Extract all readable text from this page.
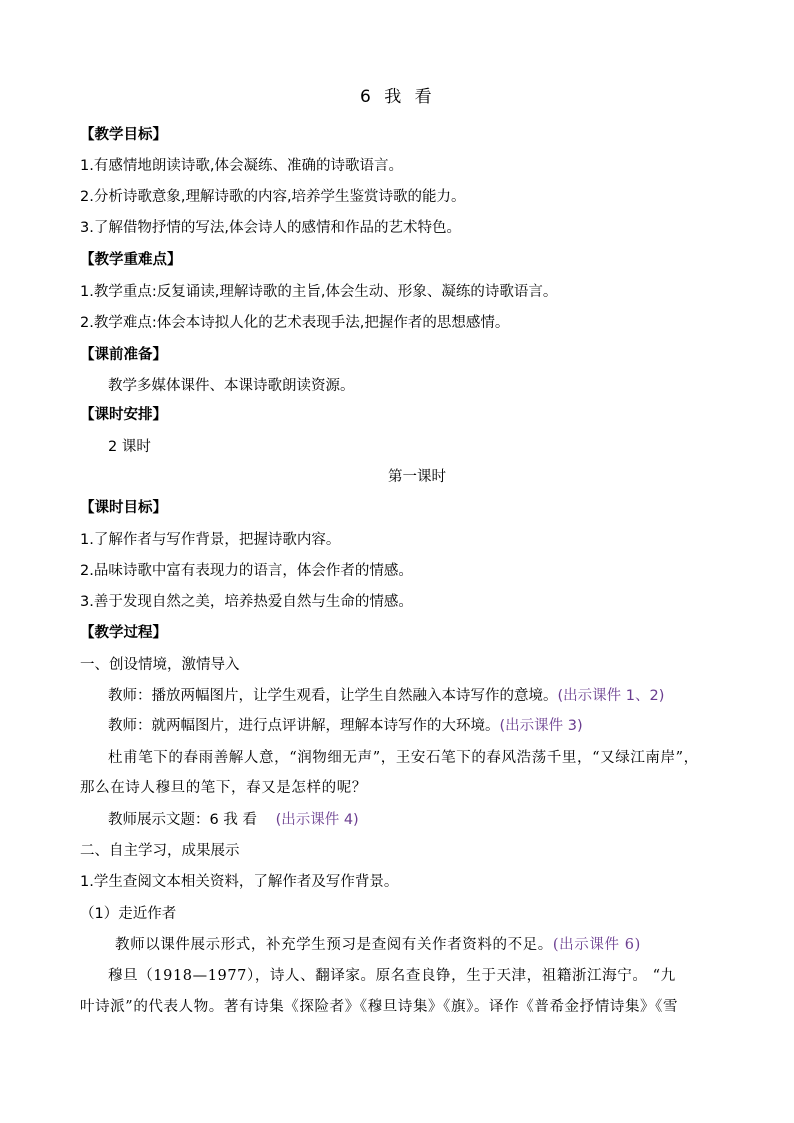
6 我 看
【教学目标】
1.有感情地朗读诗歌,体会凝练、准确的诗歌语言。
2.分析诗歌意象,理解诗歌的内容,培养学生鉴赏诗歌的能力。
3.了解借物抒情的写法,体会诗人的感情和作品的艺术特色。
【教学重难点】
1.教学重点:反复诵读,理解诗歌的主旨,体会生动、形象、凝练的诗歌语言。
2.教学难点:体会本诗拟人化的艺术表现手法,把握作者的思想感情。
【课前准备】
教学多媒体课件、本课诗歌朗读资源。
【课时安排】
2 课时
第一课时
【课时目标】
1.了解作者与写作背景，把握诗歌内容。
2.品味诗歌中富有表现力的语言，体会作者的情感。
3.善于发现自然之美，培养热爱自然与生命的情感。
【教学过程】
一、创设情境，激情导入
教师：播放两幅图片，让学生观看，让学生自然融入本诗写作的意境。(出示课件 1、2)
教师：就两幅图片，进行点评讲解，理解本诗写作的大环境。(出示课件 3)
杜甫笔下的春雨善解人意，“润物细无声”，王安石笔下的春风浩荡千里，“又绿江南岸”，
那么在诗人穆旦的笔下，春又是怎样的呢？
教师展示文题：6 我 看 (出示课件 4)
二、自主学习，成果展示
1.学生查阅文本相关资料，了解作者及写作背景。
（1）走近作者
教师以课件展示形式，补充学生预习是查阅有关作者资料的不足。(出示课件 6)
穆旦（1918—1977），诗人、翻译家。原名查良铮，生于天津，祖籍浙江海宁。 “九
叶诗派”的代表人物。著有诗集《探险者》《穆旦诗集》《旗》。译作《普希金抒情诗集》《雪
